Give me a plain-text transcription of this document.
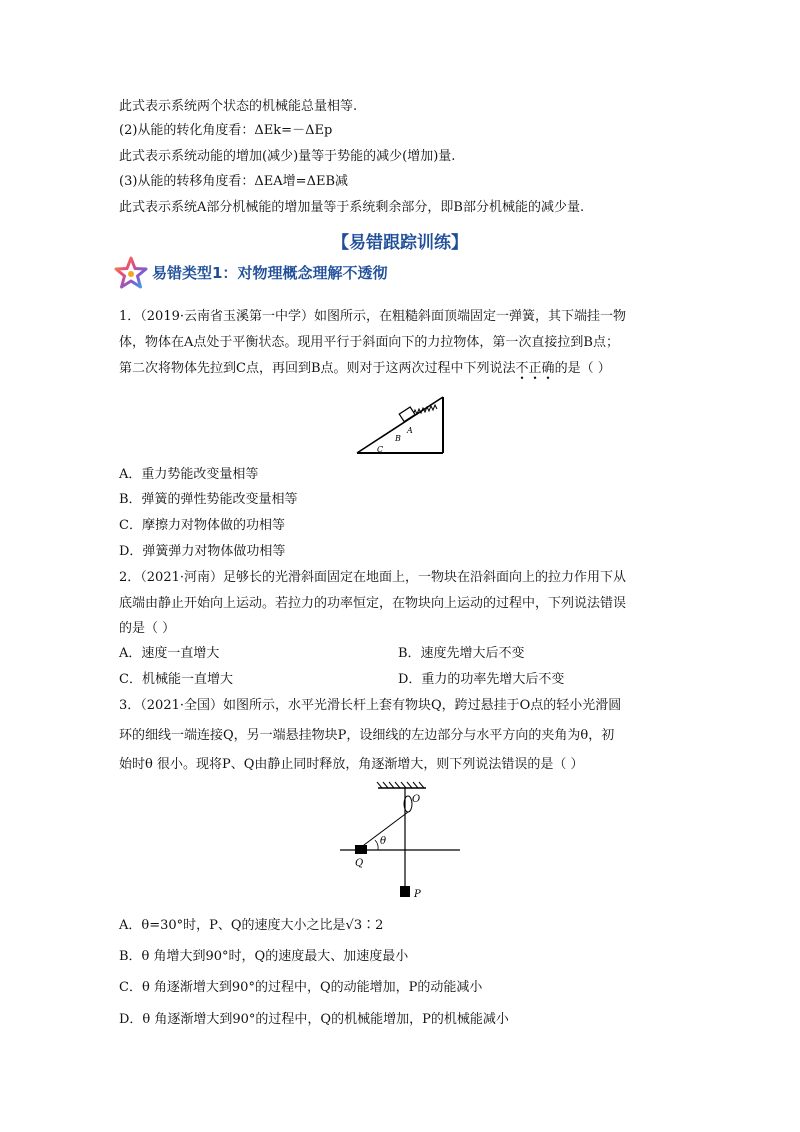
此式表示系统两个状态的机械能总量相等.
(2)从能的转化角度看：ΔEk=－ΔEp
此式表示系统动能的增加(减少)量等于势能的减少(增加)量.
(3)从能的转移角度看：ΔEA增=ΔEB减
此式表示系统A部分机械能的增加量等于系统剩余部分，即B部分机械能的减少量.
【易错跟踪训练】
易错类型1：对物理概念理解不透彻
1．（2019·云南省玉溪第一中学）如图所示，在粗糙斜面顶端固定一弹簧，其下端挂一物
体，物体在A点处于平衡状态。现用平行于斜面向下的力拉物体，第一次直接拉到B点；
第二次将物体先拉到C点，再回到B点。则对于这两次过程中下列说法不正确的是（ ）
A
B
C
A．重力势能改变量相等
B．弹簧的弹性势能改变量相等
C．摩擦力对物体做的功相等
D．弹簧弹力对物体做功相等
2．（2021·河南）足够长的光滑斜面固定在地面上，一物块在沿斜面向上的拉力作用下从
底端由静止开始向上运动。若拉力的功率恒定，在物块向上运动的过程中，下列说法错误
的是（ ）
A．速度一直增大	B．速度先增大后不变
C．机械能一直增大	D．重力的功率先增大后不变
3．（2021·全国）如图所示，水平光滑长杆上套有物块Q，跨过悬挂于O点的轻小光滑圆
环的细线一端连接Q，另一端悬挂物块P，设细线的左边部分与水平方向的夹角为θ，初
始时θ 很小。现将P、Q由静止同时释放，角逐渐增大，则下列说法错误的是（ ）
O
θ
Q
P
A．θ=30°时，P、Q的速度大小之比是√3∶2
B．θ 角增大到90°时，Q的速度最大、加速度最小
C．θ 角逐渐增大到90°的过程中，Q的动能增加，P的动能减小
D．θ 角逐渐增大到90°的过程中，Q的机械能增加，P的机械能减小
